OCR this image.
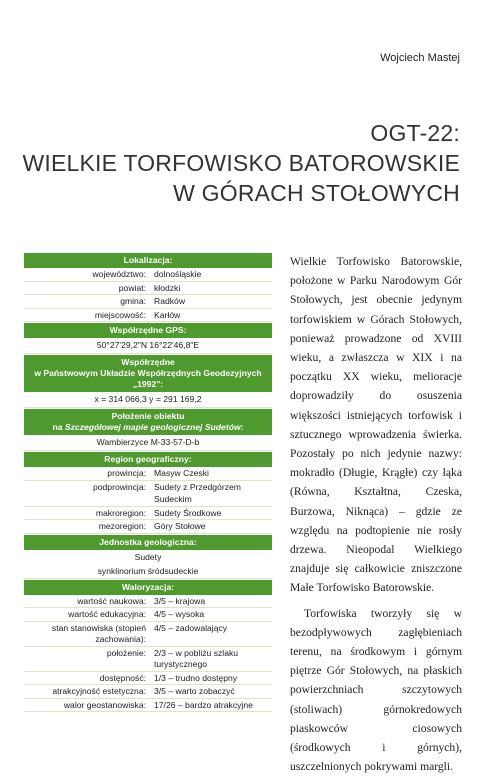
Wojciech Mastej
OGT-22:
WIELKIE TORFOWISKO BATOROWSKIE
W GÓRACH STOŁOWYCH
Lokalizacja:
województwo: dolnośląskie
powiat: kłodzki
gmina: Radków
miejscowość: Karłów
Współrzędne GPS:
50°27'29,2"N 16°22'46,8"E
Współrzędne
w Państwowym Układzie Współrzędnych Geodezyjnych „1992":
x = 314 066,3 y = 291 169,2
Położenie obiektu
na Szczegółowej mapie geologicznej Sudetów:
Wambierzyce M-33-57-D-b
Region geograficzny:
prowincja: Masyw Czeski
podprowincja: Sudety z Przedgórzem Sudeckim
makroregion: Sudety Środkowe
mezoregion: Góry Stołowe
Jednostka geologiczna:
Sudety
synklinorium śródsudeckie
Waloryzacja:
wartość naukowa: 3/5 – krajowa
wartość edukacyjna: 4/5 – wysoka
stan stanowiska (stopień zachowania):
4/5 – zadowalający
położenie: 2/3 – w pobliżu szlaku turystycznego
dostępność: 1/3 – trudno dostępny
atrakcyjność estetyczna: 3/5 – warto zobaczyć
walor geostanowiska: 17/26 – bardzo atrakcyjne

Wielkie Torfowisko Batorowskie, położone w Parku Narodowym Gór Stołowych, jest obecnie jedynym torfowiskiem w Górach Stołowych, ponieważ prowadzone od XVIII wieku, a zwłaszcza w XIX i na początku XX wieku, melioracje doprowadziły do osuszenia większości istniejących torfowisk i sztucznego wprowadzenia świerka. Pozostały po nich jedynie nazwy: mokradło (Długie, Krągłe) czy łąka (Równa, Kształtna, Czeska, Burzowa, Niknąca) – gdzie ze względu na podtopienie nie rosły drzewa. Nieopodal Wielkiego znajduje się całkowicie zniszczone Małe Torfowisko Batorowskie.

Torfowiska tworzyły się w bezodpływowych zagłębieniach terenu, na środkowym i górnym piętrze Gór Stołowych, na płaskich powierzchniach szczytowych (stoliwach) górnokredowych piaskowców ciosowych (środkowych i górnych), uszczelnionych pokrywami margli.
